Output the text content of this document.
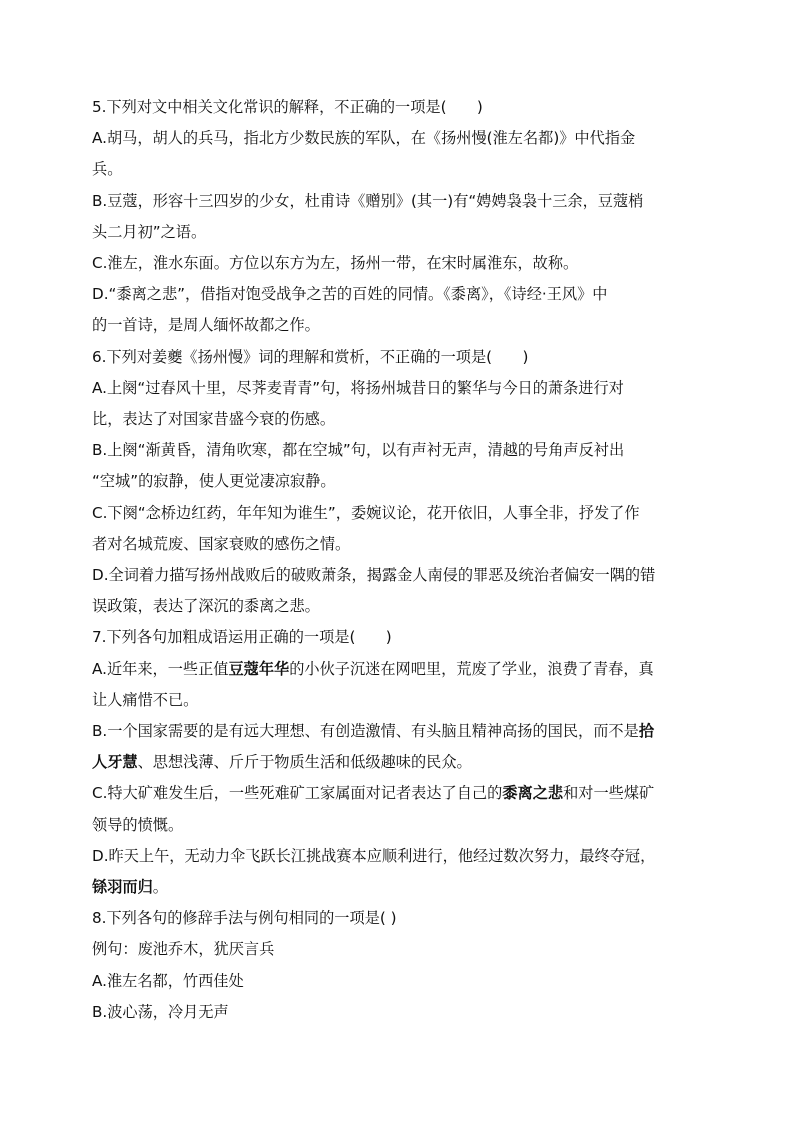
5.下列对文中相关文化常识的解释，不正确的一项是(　　)

A.胡马，胡人的兵马，指北方少数民族的军队，在《扬州慢(淮左名都)》中代指金

兵。

B.豆蔻，形容十三四岁的少女，杜甫诗《赠别》(其一)有“娉娉袅袅十三余，豆蔻梢

头二月初”之语。

C.淮左，淮水东面。方位以东方为左，扬州一带，在宋时属淮东，故称。

D.“黍离之悲”，借指对饱受战争之苦的百姓的同情。《黍离》，《诗经·王风》中

的一首诗，是周人缅怀故都之作。

6.下列对姜夔《扬州慢》词的理解和赏析，不正确的一项是(　　)

A.上阕“过春风十里，尽荠麦青青”句，将扬州城昔日的繁华与今日的萧条进行对

比，表达了对国家昔盛今衰的伤感。

B.上阕“渐黄昏，清角吹寒，都在空城”句，以有声衬无声，清越的号角声反衬出

“空城”的寂静，使人更觉凄凉寂静。

C.下阕“念桥边红药，年年知为谁生”，委婉议论，花开依旧，人事全非，抒发了作

者对名城荒废、国家衰败的感伤之情。

D.全词着力描写扬州战败后的破败萧条，揭露金人南侵的罪恶及统治者偏安一隅的错

误政策，表达了深沉的黍离之悲。

7.下列各句加粗成语运用正确的一项是(　　)

A.近年来，一些正值豆蔻年华的小伙子沉迷在网吧里，荒废了学业，浪费了青春，真

让人痛惜不已。

B.一个国家需要的是有远大理想、有创造激情、有头脑且精神高扬的国民，而不是拾

人牙慧、思想浅薄、斤斤于物质生活和低级趣味的民众。

C.特大矿难发生后，一些死难矿工家属面对记者表达了自己的黍离之悲和对一些煤矿

领导的愤慨。

D.昨天上午，无动力伞飞跃长江挑战赛本应顺利进行，他经过数次努力，最终夺冠，

铩羽而归。

8.下列各句的修辞手法与例句相同的一项是( )

例句：废池乔木，犹厌言兵

A.淮左名都，竹西佳处

B.波心荡，冷月无声
